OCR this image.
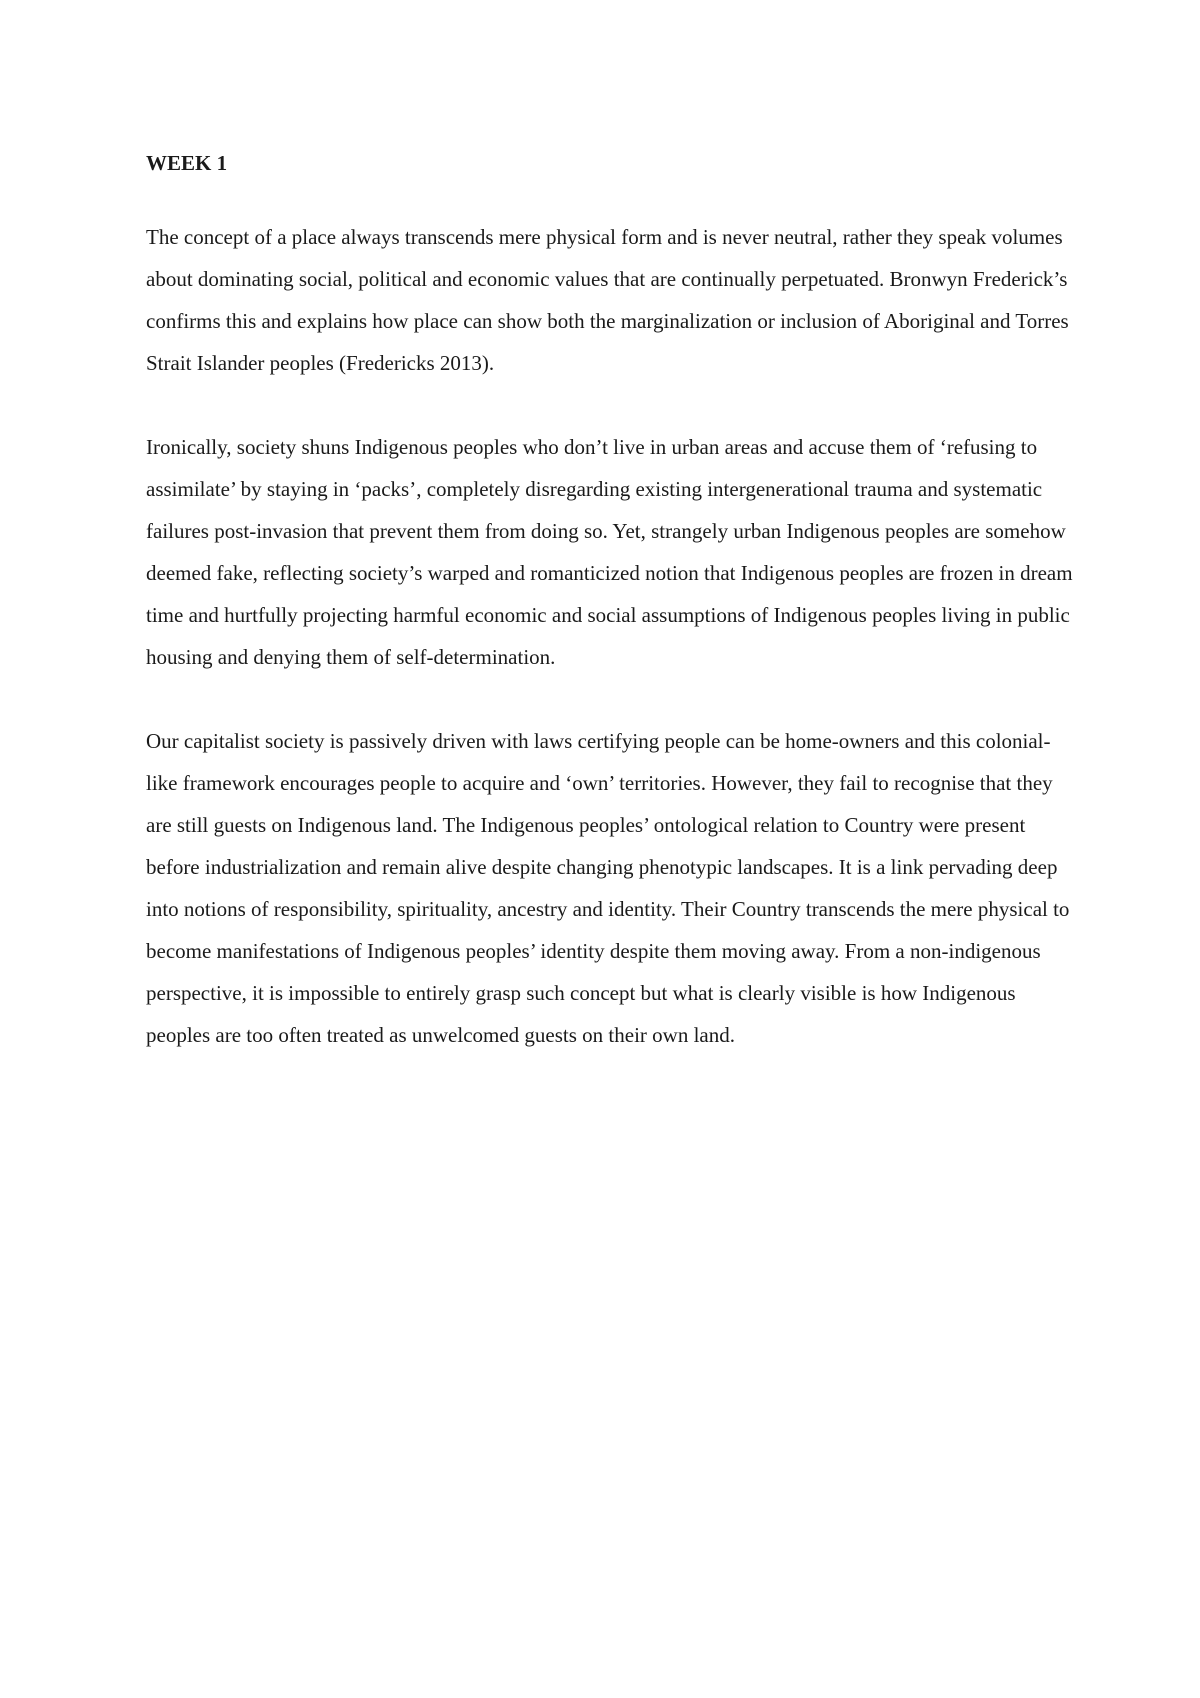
WEEK 1

The concept of a place always transcends mere physical form and is never neutral, rather they speak volumes about dominating social, political and economic values that are continually perpetuated. Bronwyn Frederick’s confirms this and explains how place can show both the marginalization or inclusion of Aboriginal and Torres Strait Islander peoples (Fredericks 2013).

Ironically, society shuns Indigenous peoples who don’t live in urban areas and accuse them of ‘refusing to assimilate’ by staying in ‘packs’, completely disregarding existing intergenerational trauma and systematic failures post-invasion that prevent them from doing so. Yet, strangely urban Indigenous peoples are somehow deemed fake, reflecting society’s warped and romanticized notion that Indigenous peoples are frozen in dream time and hurtfully projecting harmful economic and social assumptions of Indigenous peoples living in public housing and denying them of self-determination.

Our capitalist society is passively driven with laws certifying people can be home-owners and this colonial-like framework encourages people to acquire and ‘own’ territories. However, they fail to recognise that they are still guests on Indigenous land. The Indigenous peoples’ ontological relation to Country were present before industrialization and remain alive despite changing phenotypic landscapes. It is a link pervading deep into notions of responsibility, spirituality, ancestry and identity. Their Country transcends the mere physical to become manifestations of Indigenous peoples’ identity despite them moving away. From a non-indigenous perspective, it is impossible to entirely grasp such concept but what is clearly visible is how Indigenous peoples are too often treated as unwelcomed guests on their own land.
